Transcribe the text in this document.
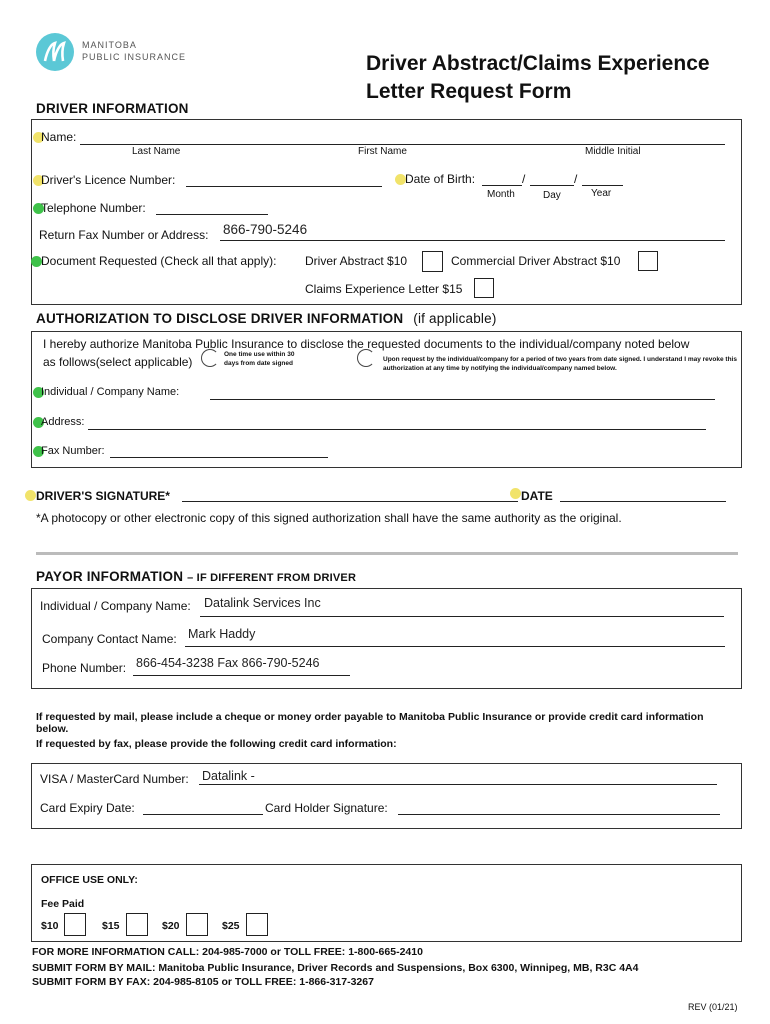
MANITOBA
PUBLIC INSURANCE	Driver Abstract/Claims Experience
Letter Request Form
DRIVER INFORMATION
Name:
Last Name	First Name	Middle Initial
Driver's Licence Number:	Date of Birth:	/	/
Month	Day	Year
Telephone Number:
Return Fax Number or Address: 866-790-5246
Document Requested (Check all that apply): Driver Abstract $10	Commercial Driver Abstract $10
Claims Experience Letter $15
AUTHORIZATION TO DISCLOSE DRIVER INFORMATION (if applicable)
I hereby authorize Manitoba Public Insurance to disclose the requested documents to the individual/company noted below
as follows(select applicable)
One time use within 30 days from date signed
Upon request by the individual/company for a period of two years from date signed. I understand I may revoke this authorization at any time by notifying the individual/company named below.
Individual / Company Name:
Address:
Fax Number:
DRIVER'S SIGNATURE*	DATE
*A photocopy or other electronic copy of this signed authorization shall have the same authority as the original.
PAYOR INFORMATION – IF DIFFERENT FROM DRIVER
Individual / Company Name: Datalink Services Inc
Company Contact Name: Mark Haddy
Phone Number: 866-454-3238 Fax 866-790-5246
If requested by mail, please include a cheque or money order payable to Manitoba Public Insurance or provide credit card information below.
If requested by fax, please provide the following credit card information:
VISA / MasterCard Number: Datalink -
Card Expiry Date:	Card Holder Signature:
OFFICE USE ONLY:
Fee Paid
$10	$15	$20	$25
FOR MORE INFORMATION CALL: 204-985-7000 or TOLL FREE: 1-800-665-2410
SUBMIT FORM BY MAIL: Manitoba Public Insurance, Driver Records and Suspensions, Box 6300, Winnipeg, MB, R3C 4A4
SUBMIT FORM BY FAX: 204-985-8105 or TOLL FREE: 1-866-317-3267
REV (01/21)
